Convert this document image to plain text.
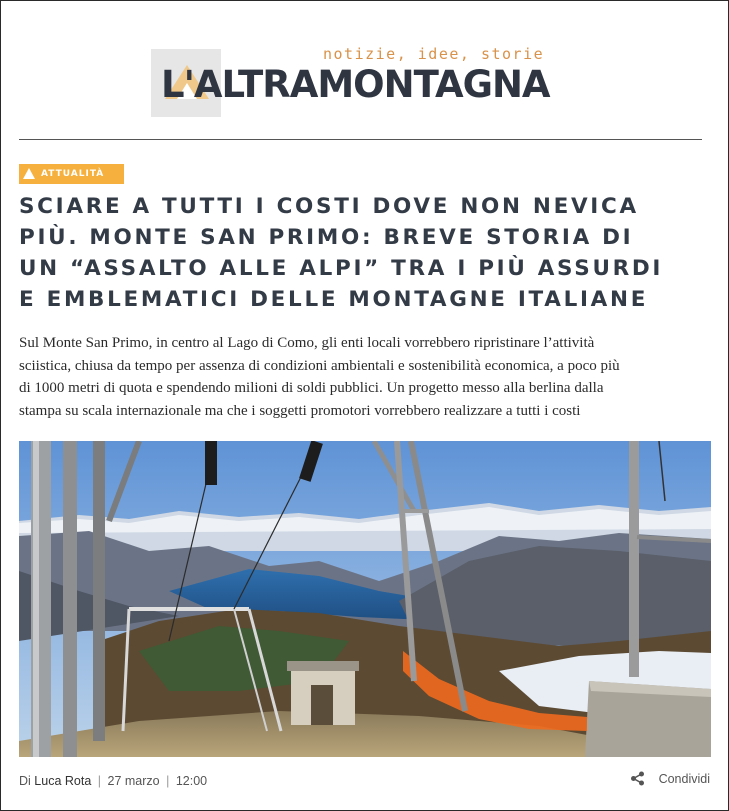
notizie, idee, storie
L'ALTRAMONTAGNA
ATTUALITÀ
SCIARE A TUTTI I COSTI DOVE NON NEVICA
PIÙ. MONTE SAN PRIMO: BREVE STORIA DI
UN “ASSALTO ALLE ALPI” TRA I PIÙ ASSURDI
E EMBLEMATICI DELLE MONTAGNE ITALIANE
Sul Monte San Primo, in centro al Lago di Como, gli enti locali vorrebbero ripristinare l’attività
sciistica, chiusa da tempo per assenza di condizioni ambientali e sostenibilità economica, a poco più
di 1000 metri di quota e spendendo milioni di soldi pubblici. Un progetto messo alla berlina dalla
stampa su scala internazionale ma che i soggetti promotori vorrebbero realizzare a tutti i costi
Di Luca Rota | 27 marzo | 12:00	Condividi
